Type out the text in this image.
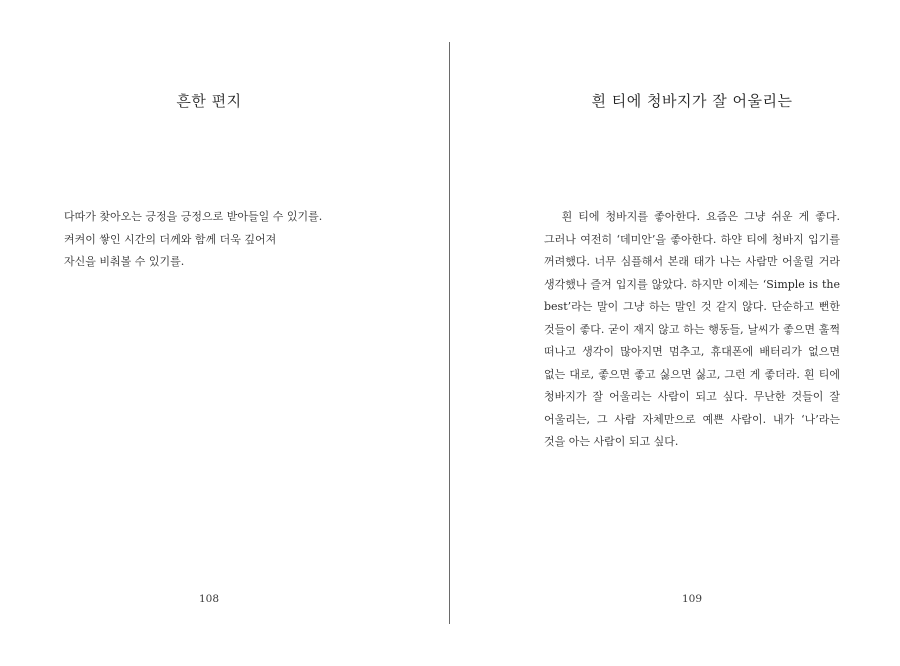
흔한 편지
다따가 찾아오는 긍정을 긍정으로 받아들일 수 있기를.
켜켜이 쌓인 시간의 더께와 함께 더욱 깊어져
자신을 비춰볼 수 있기를.
108
흰 티에 청바지가 잘 어울리는
흰 티에 청바지를 좋아한다. 요즘은 그냥 쉬운 게 좋다. 그러나 여전히 ‘데미안’을 좋아한다. 하얀 티에 청바지 입기를 꺼려했다. 너무 심플해서 본래 태가 나는 사람만 어울릴 거라 생각했나 즐겨 입지를 않았다. 하지만 이제는 ‘Simple is the best’라는 말이 그냥 하는 말인 것 같지 않다. 단순하고 뻔한 것들이 좋다. 굳이 재지 않고 하는 행동들, 날씨가 좋으면 훌쩍 떠나고 생각이 많아지면 멈추고, 휴대폰에 배터리가 없으면 없는 대로, 좋으면 좋고 싫으면 싫고, 그런 게 좋더라. 흰 티에 청바지가 잘 어울리는 사람이 되고 싶다. 무난한 것들이 잘 어울리는, 그 사람 자체만으로 예쁜 사람이. 내가 ‘나’라는 것을 아는 사람이 되고 싶다.
109
